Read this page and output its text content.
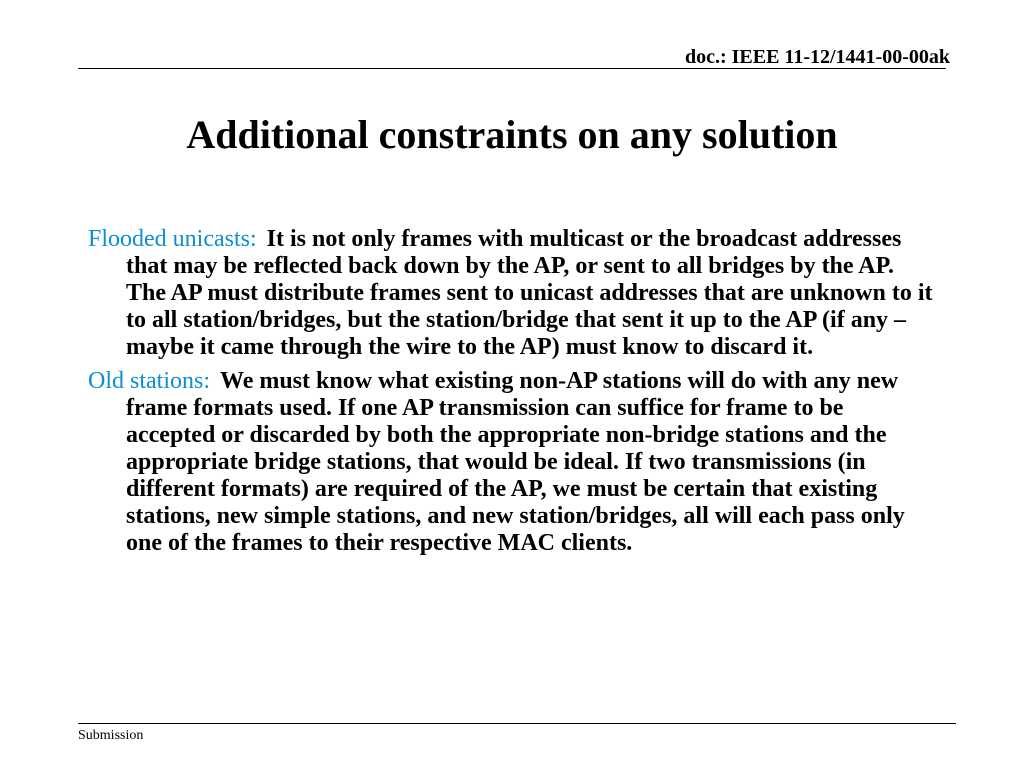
doc.: IEEE 11-12/1441-00-00ak
Additional constraints on any solution
Flooded unicasts: It is not only frames with multicast or the broadcast addresses that may be reflected back down by the AP, or sent to all bridges by the AP. The AP must distribute frames sent to unicast addresses that are unknown to it to all station/bridges, but the station/bridge that sent it up to the AP (if any – maybe it came through the wire to the AP) must know to discard it.
Old stations: We must know what existing non-AP stations will do with any new frame formats used. If one AP transmission can suffice for frame to be accepted or discarded by both the appropriate non-bridge stations and the appropriate bridge stations, that would be ideal. If two transmissions (in different formats) are required of the AP, we must be certain that existing stations, new simple stations, and new station/bridges, all will each pass only one of the frames to their respective MAC clients.
Submission
